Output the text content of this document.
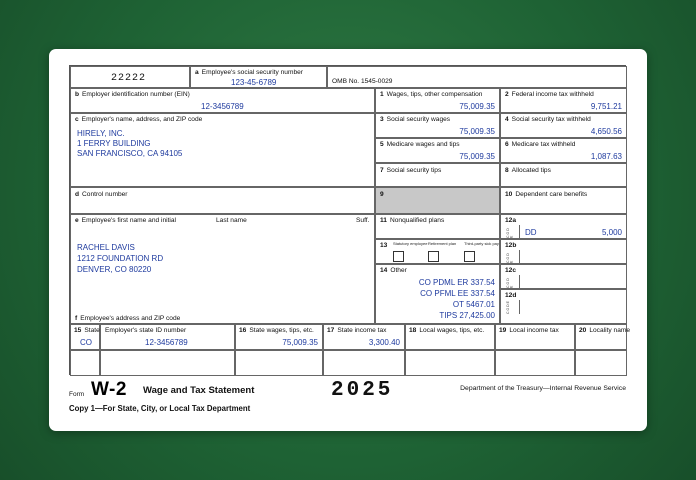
22222
a Employee's social security number
123-45-6789	OMB No. 1545-0029
b Employer identification number (EIN)
12-3456789
c Employer's name, address, and ZIP code
HIRELY, INC.
1 FERRY BUILDING
SAN FRANCISCO, CA 94105
d Control number
e Employee's first name and initial	Last name	Suff.
RACHEL DAVIS
1212 FOUNDATION RD
DENVER, CO 80220
f Employee's address and ZIP code
1 Wages, tips, other compensation
75,009.35
3 Social security wages
75,009.35
5 Medicare wages and tips
75,009.35
7 Social security tips
9
11 Nonqualified plans
13	Statutory employee Retirement plan Third-party sick pay
14 Other
CO PDML ER 337.54
CO PFML EE 337.54
OT 5467.01
TIPS 27,425.00
2 Federal income tax withheld
9,751.21
4 Social security tax withheld
4,650.56
6 Medicare tax withheld
1,087.63
8 Allocated tips
10 Dependent care benefits
12a
C O D E DD	5,000
12b
C O D E
12c
C O D E
12d
C O D E
15 State
CO
Employer's state ID number
12-3456789
16 State wages, tips, etc.
75,009.35
17 State income tax
3,300.40
18 Local wages, tips, etc. 19 Local income tax	20 Locality name
Form W-2 Wage and Tax Statement	2025	Department of the Treasury—Internal Revenue Service
Copy 1—For State, City, or Local Tax Department
